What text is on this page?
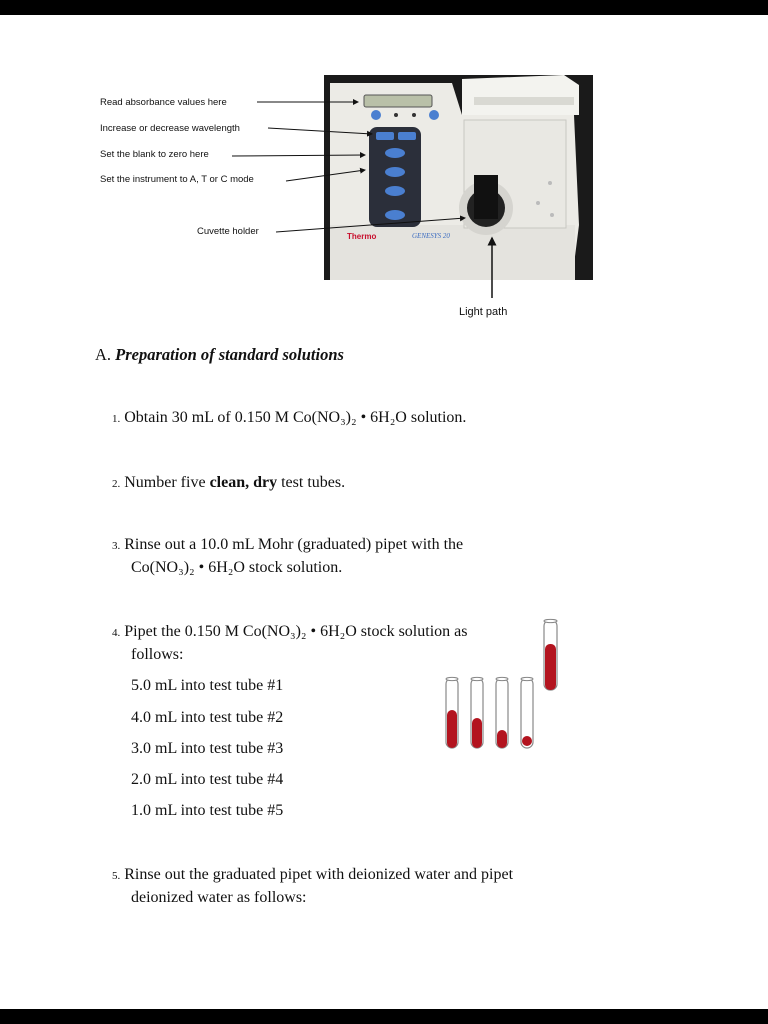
Thermo	GENESYS 20
Read absorbance values here
Increase or decrease wavelength
Set the blank to zero here
Set the instrument to A, T or C mode
Cuvette holder
Light path
A. Preparation of standard solutions
1. Obtain 30 mL of 0.150 M Co(NO₃)₂ • 6H₂O solution.
2. Number five clean, dry test tubes.
3. Rinse out a 10.0 mL Mohr (graduated) pipet with the
Co(NO₃)₂ • 6H₂O stock solution.
4. Pipet the 0.150 M Co(NO₃)₂ • 6H₂O stock solution as
follows:
5.0 mL into test tube #1
4.0 mL into test tube #2
3.0 mL into test tube #3
2.0 mL into test tube #4
1.0 mL into test tube #5
5. Rinse out the graduated pipet with deionized water and pipet
deionized water as follows:
